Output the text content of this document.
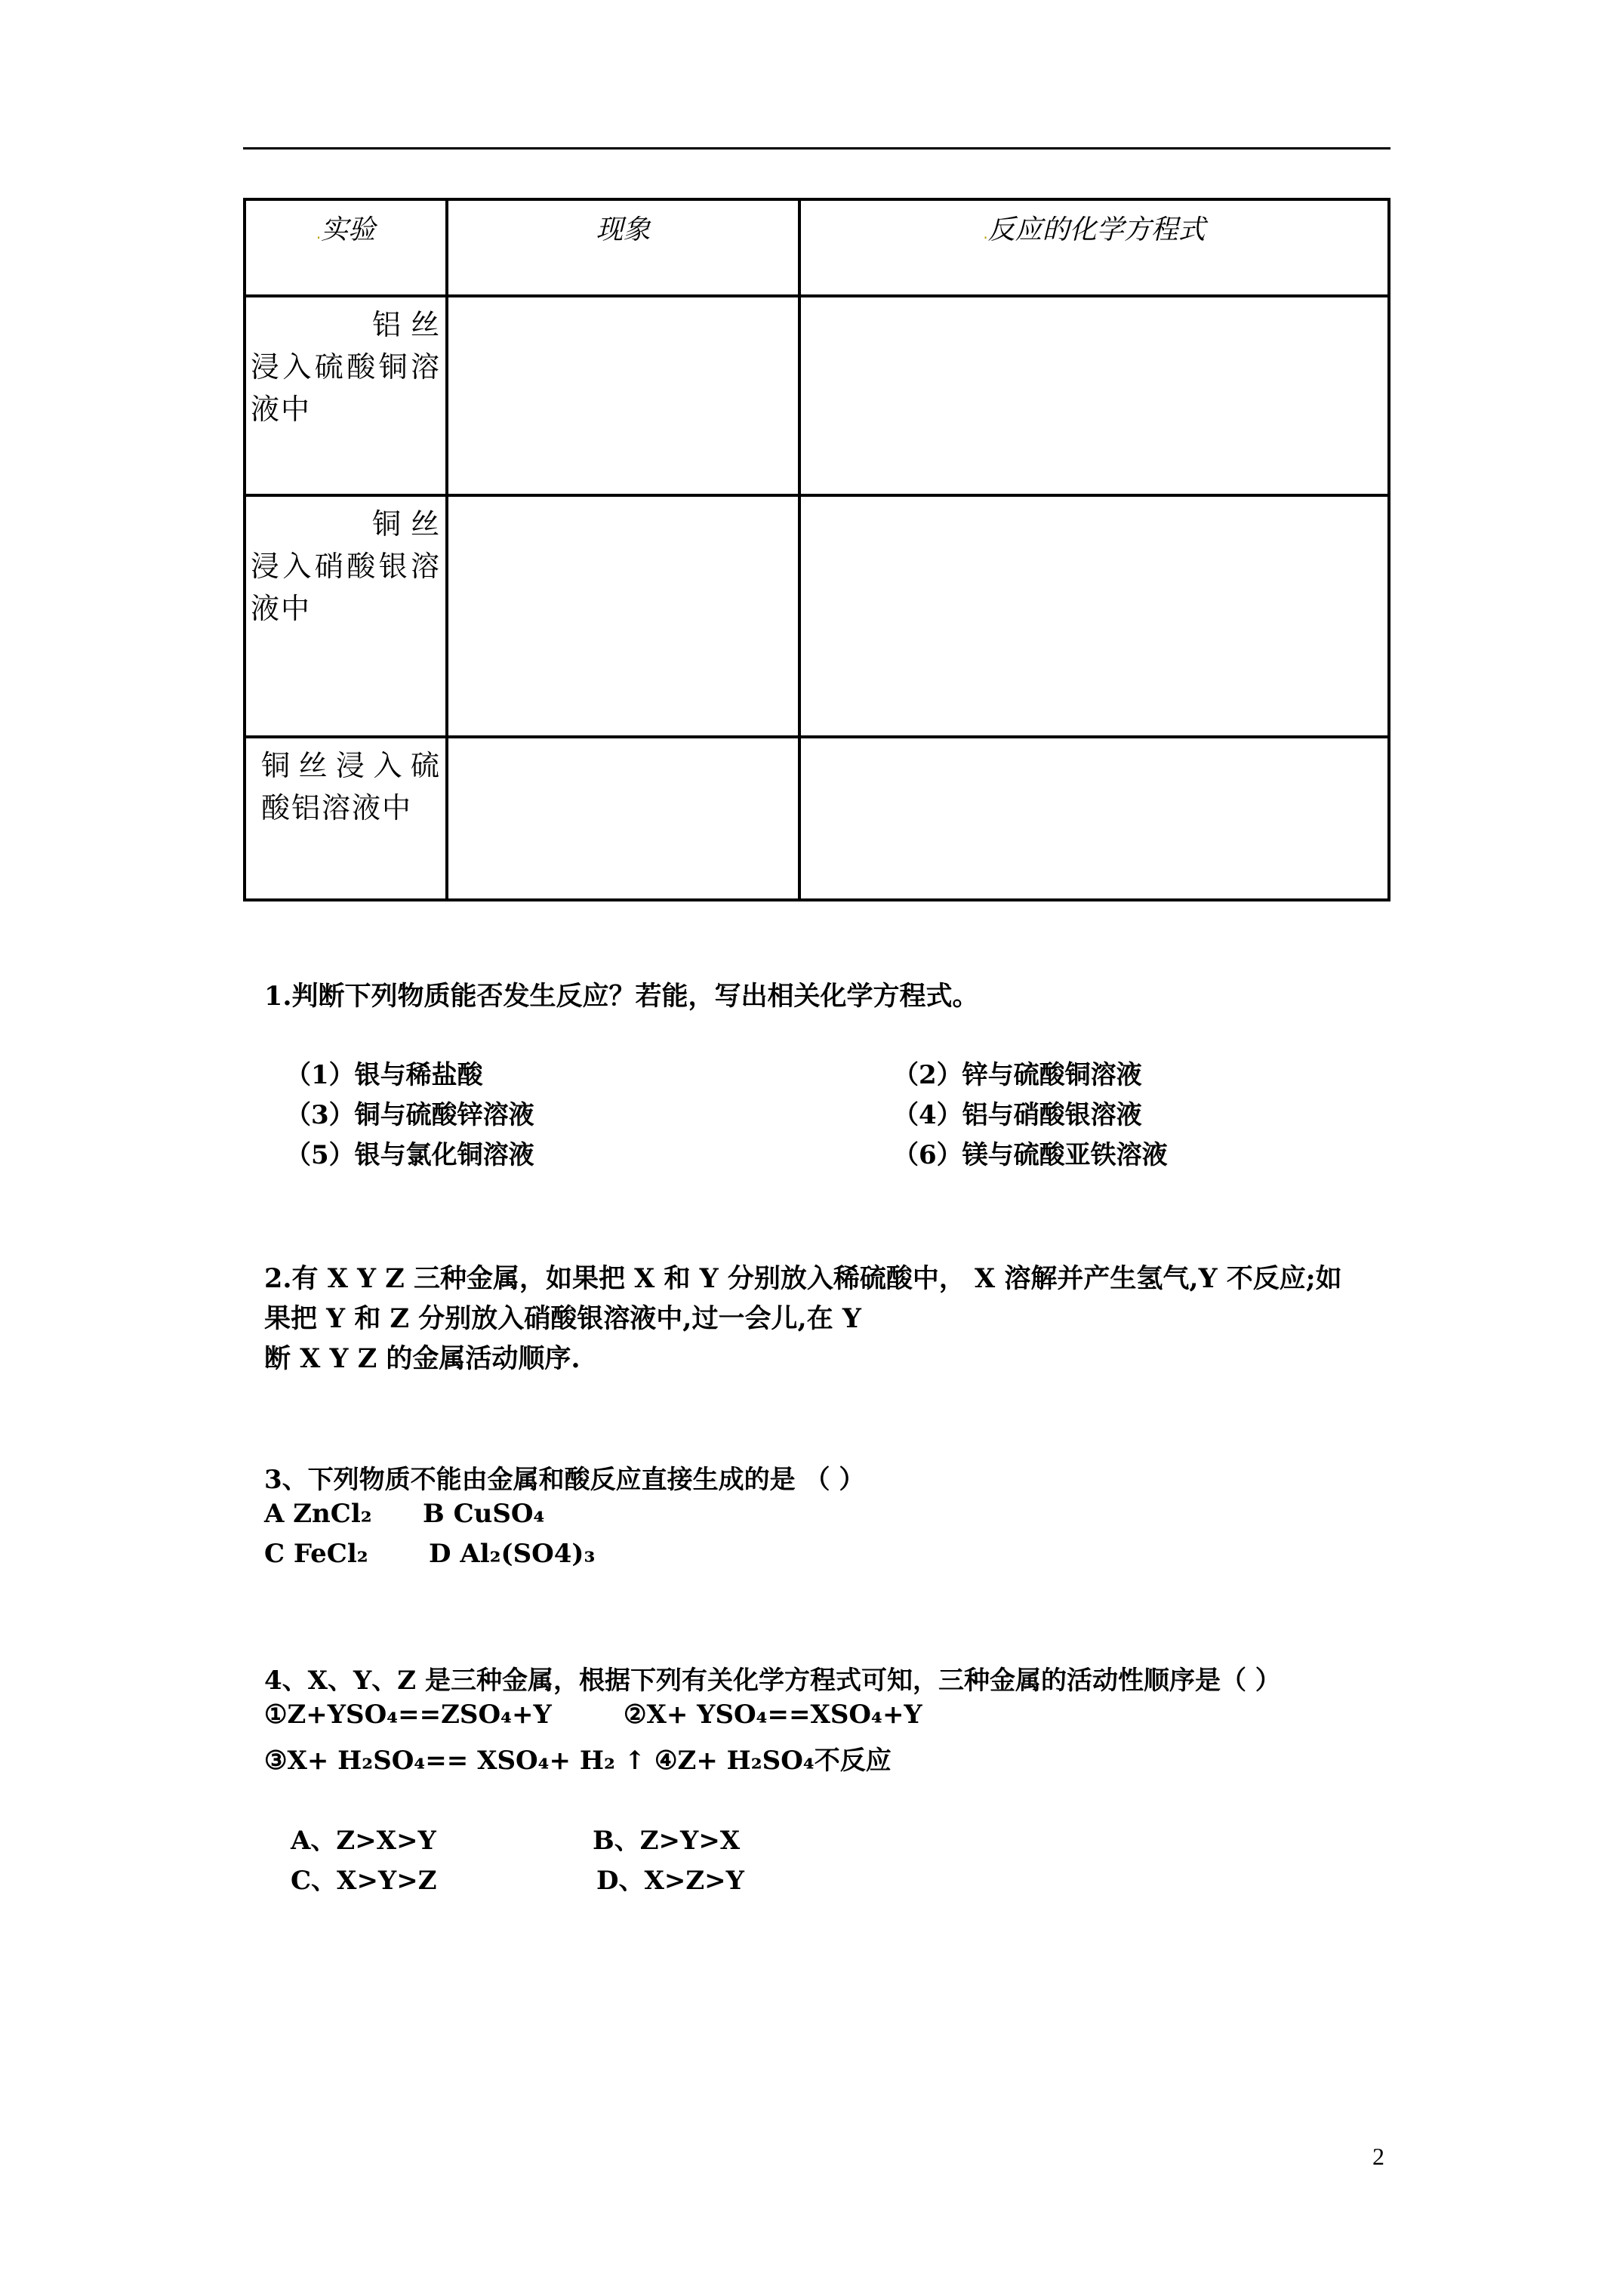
.实验	现象	.反应的化学方程式

铝丝浸入硫酸铜溶液中		

铜丝浸入硝酸银溶液中		

铜丝浸入硫酸铝溶液中		

1.判断下列物质能否发生反应？若能，写出相关化学方程式。
（1）银与稀盐酸	（2）锌与硫酸铜溶液
（3）铜与硫酸锌溶液	（4）铝与硝酸银溶液
（5）银与氯化铜溶液	（6）镁与硫酸亚铁溶液
2.有 X Y Z 三种金属，如果把 X 和 Y 分别放入稀硫酸中， X 溶解并产生氢气,Y 不反应;如
果把 Y 和 Z 分别放入硝酸银溶液中,过一会儿,在 Y
断 X Y Z 的金属活动顺序.
3、下列物质不能由金属和酸反应直接生成的是 （ ）
A ZnCl₂ B CuSO₄
C FeCl₂ D Al₂(SO4)₃
4、X、Y、Z 是三种金属，根据下列有关化学方程式可知，三种金属的活动性顺序是（ ）
①Z+YSO₄==ZSO₄+Y	②X+ YSO₄==XSO₄+Y
③X+ H₂SO₄== XSO₄+ H₂ ↑ ④Z+ H₂SO₄不反应
A、Z>X>Y	B、Z>Y>X
C、X>Y>Z	D、X>Z>Y
2
